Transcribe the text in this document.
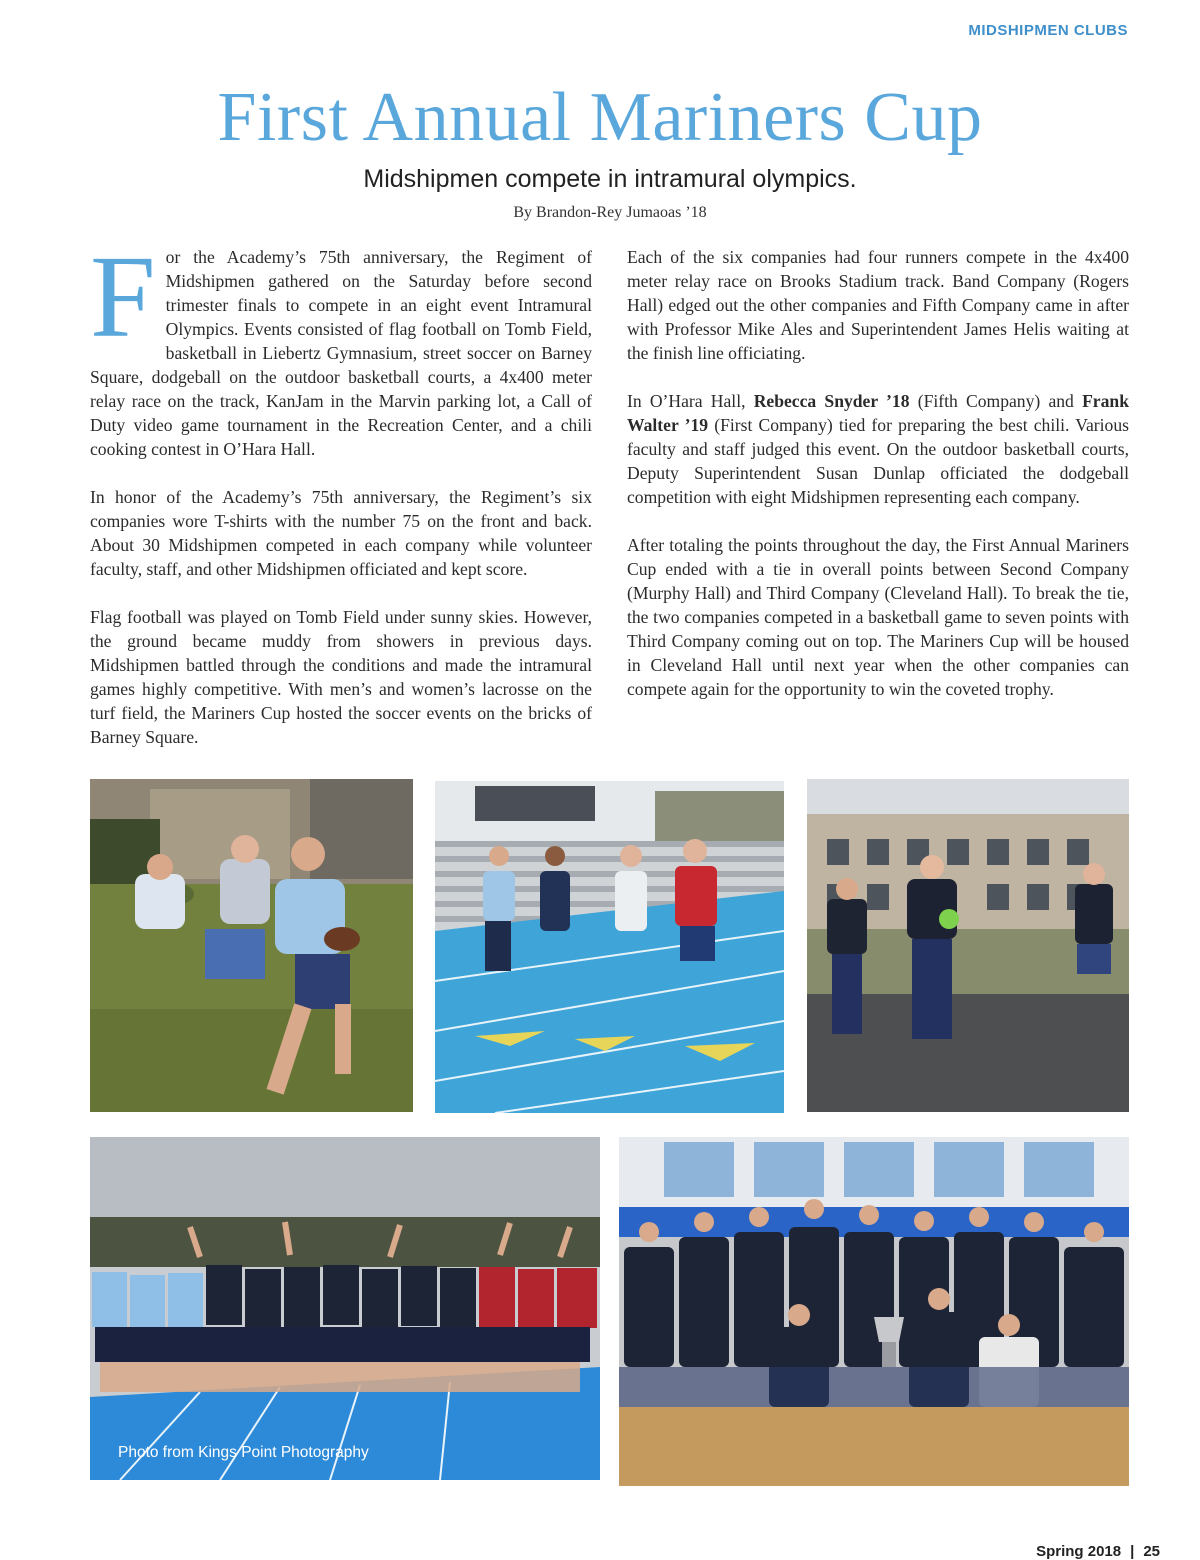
MIDSHIPMEN CLUBS
First Annual Mariners Cup
Midshipmen compete in intramural olympics.
By Brandon-Rey Jumaoas ’18

For the Academy’s 75th anniversary, the Regiment of Midshipmen gathered on the Saturday before second trimester finals to compete in an eight event Intramural Olympics. Events consisted of flag football on Tomb Field, basketball in Liebertz Gymnasium, street soccer on Barney Square, dodgeball on the outdoor basketball courts, a 4x400 meter relay race on the track, KanJam in the Marvin parking lot, a Call of Duty video game tournament in the Recreation Center, and a chili cooking contest in O’Hara Hall.

In honor of the Academy’s 75th anniversary, the Regiment’s six companies wore T-shirts with the number 75 on the front and back. About 30 Midshipmen competed in each company while volunteer faculty, staff, and other Midshipmen officiated and kept score.

Flag football was played on Tomb Field under sunny skies. However, the ground became muddy from showers in previous days. Midshipmen battled through the conditions and made the intramural games highly competitive. With men’s and women’s lacrosse on the turf field, the Mariners Cup hosted the soccer events on the bricks of Barney Square.

Each of the six companies had four runners compete in the 4x400 meter relay race on Brooks Stadium track. Band Company (Rogers Hall) edged out the other companies and Fifth Company came in after with Professor Mike Ales and Superintendent James Helis waiting at the finish line officiating.

In O’Hara Hall, Rebecca Snyder ’18 (Fifth Company) and Frank Walter ’19 (First Company) tied for preparing the best chili. Various faculty and staff judged this event. On the outdoor basketball courts, Deputy Superintendent Susan Dunlap officiated the dodgeball competition with eight Midshipmen representing each company.

After totaling the points throughout the day, the First Annual Mariners Cup ended with a tie in overall points between Second Company (Murphy Hall) and Third Company (Cleveland Hall). To break the tie, the two companies competed in a basketball game to seven points with Third Company coming out on top. The Mariners Cup will be housed in Cleveland Hall until next year when the other companies can compete again for the opportunity to win the coveted trophy.

Photo from Kings Point Photography
Spring 2018 | 25
